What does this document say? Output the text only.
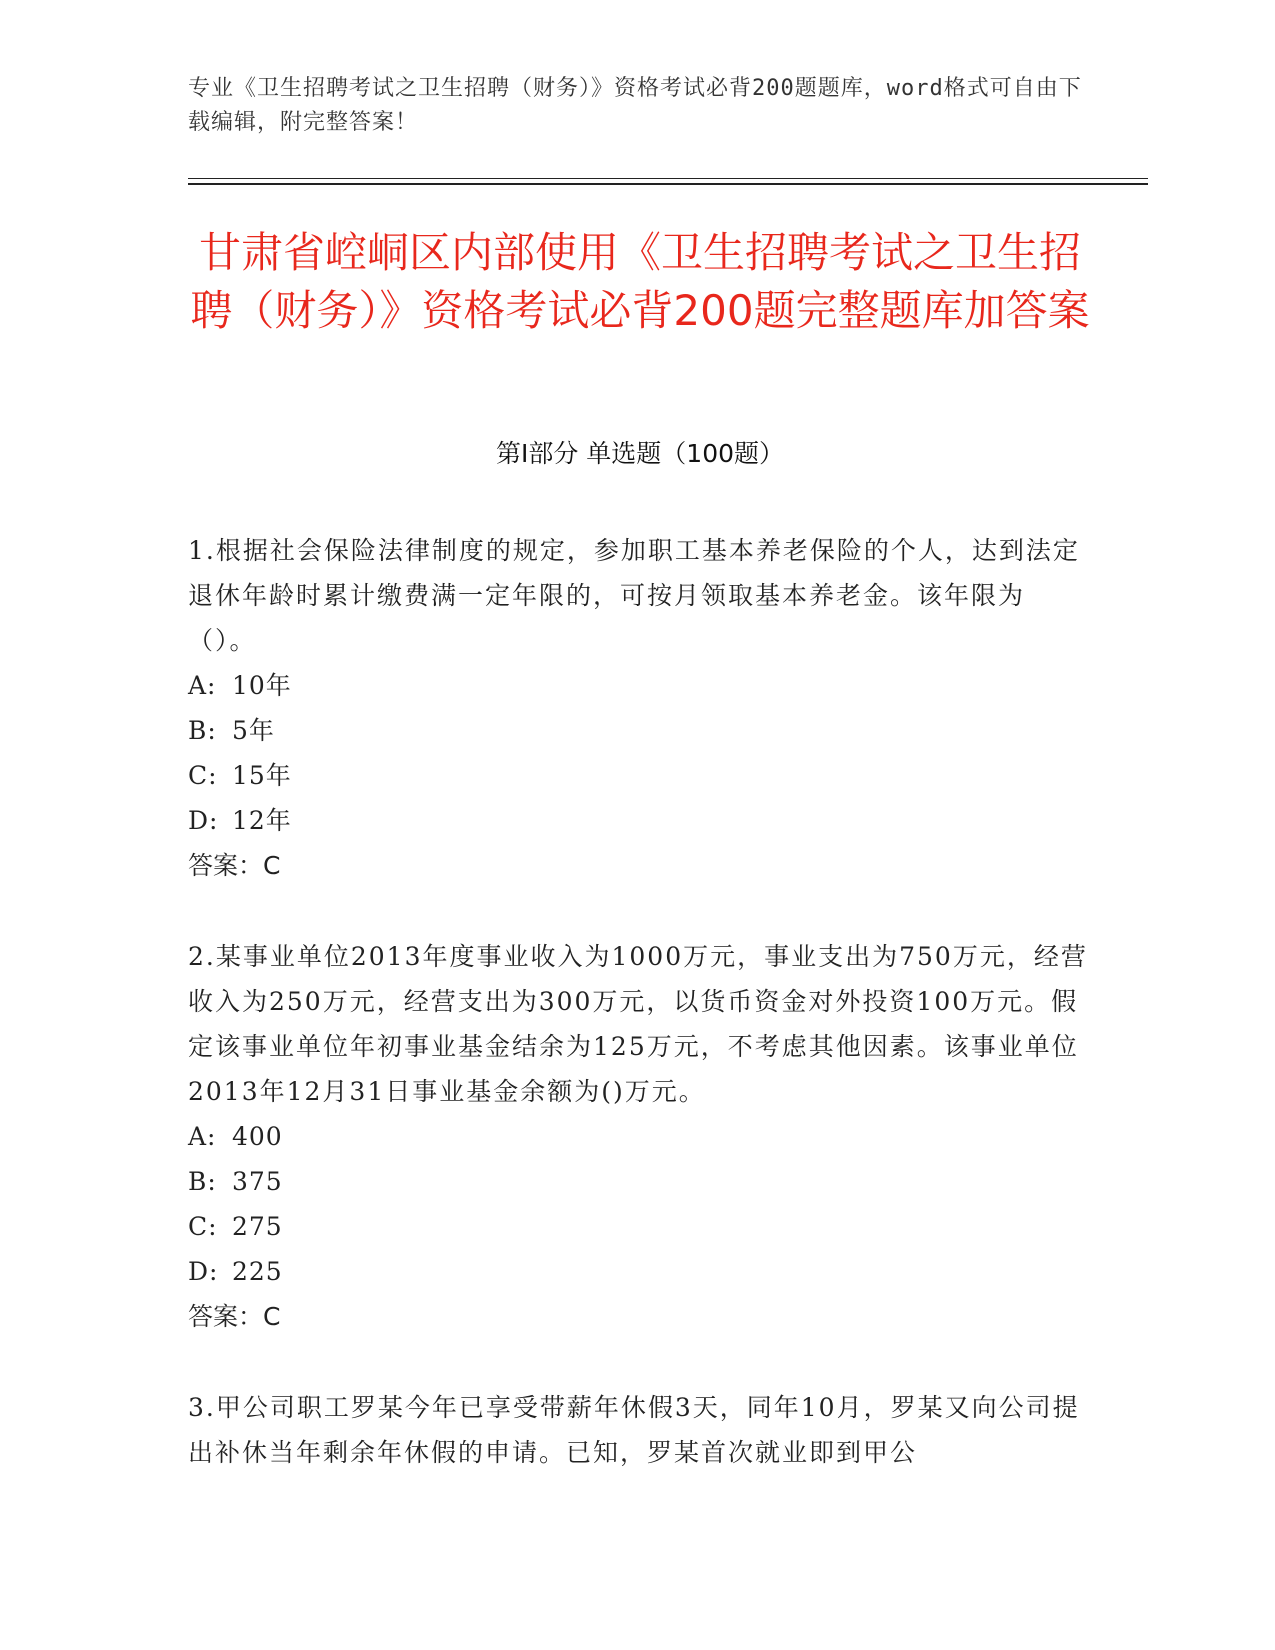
专业《卫生招聘考试之卫生招聘（财务）》资格考试必背200题题库，word格式可自由下载编辑，附完整答案！
甘肃省崆峒区内部使用《卫生招聘考试之卫生招聘（财务）》资格考试必背200题完整题库加答案
第I部分 单选题（100题）

1.根据社会保险法律制度的规定，参加职工基本养老保险的个人，达到法定退休年龄时累计缴费满一定年限的，可按月领取基本养老金。该年限为（）。

A: 10年
B: 5年
C: 15年
D: 12年

答案：C

2.某事业单位2013年度事业收入为1000万元，事业支出为750万元，经营收入为250万元，经营支出为300万元，以货币资金对外投资100万元。假定该事业单位年初事业基金结余为125万元，不考虑其他因素。该事业单位2013年12月31日事业基金余额为()万元。

A: 400
B: 375
C: 275
D: 225

答案：C

3.甲公司职工罗某今年已享受带薪年休假3天，同年10月，罗某又向公司提出补休当年剩余年休假的申请。已知，罗某首次就业即到甲公
